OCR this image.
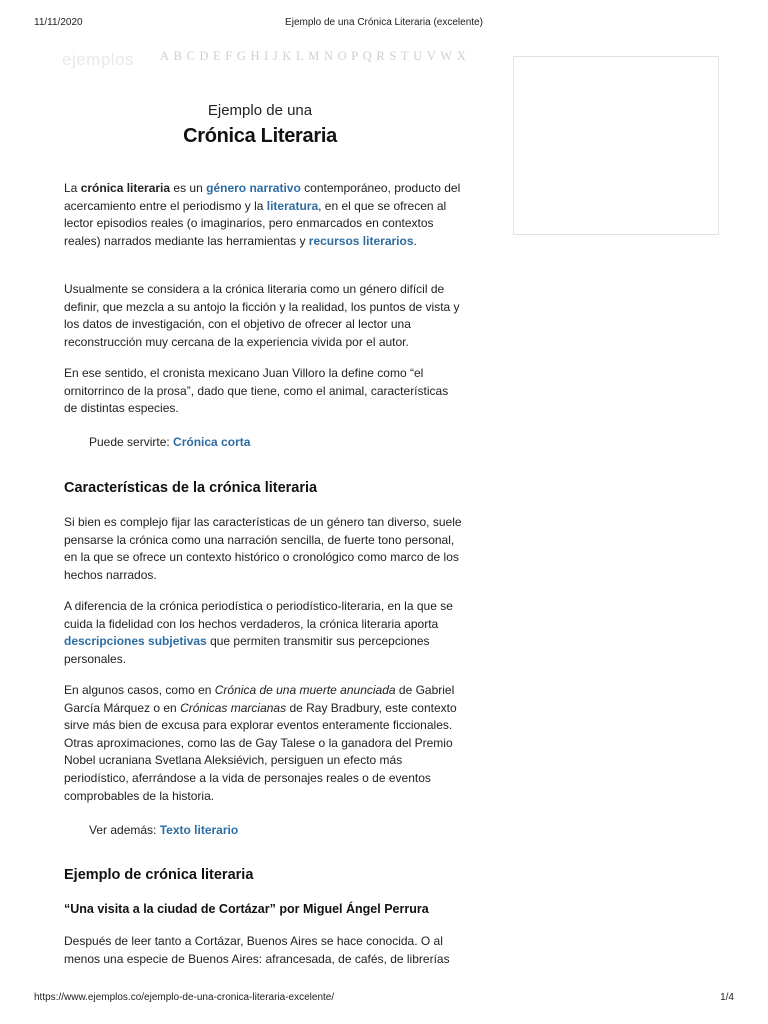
11/11/2020	Ejemplo de una Crónica Literaria (excelente)
ejemplos A B C D E F G H I J K L M N O P Q R S T U V W X
Ejemplo de una
Crónica Literaria

La crónica literaria es un género narrativo contemporáneo, producto del acercamiento entre el periodismo y la literatura, en el que se ofrecen al lector episodios reales (o imaginarios, pero enmarcados en contextos reales) narrados mediante las herramientas y recursos literarios.

Usualmente se considera a la crónica literaria como un género difícil de definir, que mezcla a su antojo la ficción y la realidad, los puntos de vista y los datos de investigación, con el objetivo de ofrecer al lector una reconstrucción muy cercana de la experiencia vivida por el autor.

En ese sentido, el cronista mexicano Juan Villoro la define como “el ornitorrinco de la prosa”, dado que tiene, como el animal, características de distintas especies.

Puede servirte: Crónica corta
Características de la crónica literaria

Si bien es complejo fijar las características de un género tan diverso, suele pensarse la crónica como una narración sencilla, de fuerte tono personal, en la que se ofrece un contexto histórico o cronológico como marco de los hechos narrados.

A diferencia de la crónica periodística o periodístico-literaria, en la que se cuida la fidelidad con los hechos verdaderos, la crónica literaria aporta descripciones subjetivas que permiten transmitir sus percepciones personales.

En algunos casos, como en Crónica de una muerte anunciada de Gabriel García Márquez o en Crónicas marcianas de Ray Bradbury, este contexto sirve más bien de excusa para explorar eventos enteramente ficcionales. Otras aproximaciones, como las de Gay Talese o la ganadora del Premio Nobel ucraniana Svetlana Aleksiévich, persiguen un efecto más periodístico, aferrándose a la vida de personajes reales o de eventos comprobables de la historia.

Ver además: Texto literario
Ejemplo de crónica literaria
“Una visita a la ciudad de Cortázar” por Miguel Ángel Perrura

Después de leer tanto a Cortázar, Buenos Aires se hace conocida. O al menos una especie de Buenos Aires: afrancesada, de cafés, de librerías

https://www.ejemplos.co/ejemplo-de-una-cronica-literaria-excelente/	1/4
